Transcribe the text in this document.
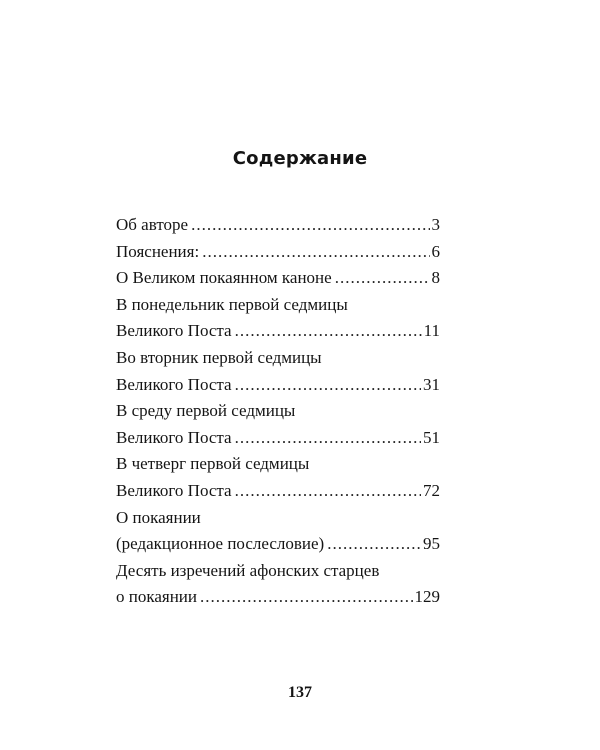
Содержание
Об авторе .....	3
Пояснения: .....	6
О Великом покаянном каноне .....	8
В понедельник первой седмицы
Великого Поста .....	11
Во вторник первой седмицы
Великого Поста .....	31
В среду первой седмицы
Великого Поста .....	51
В четверг первой седмицы
Великого Поста .....	72
О покаянии
(редакционное послесловие) .....	95
Десять изречений афонских старцев
о покаянии .....	129
137
